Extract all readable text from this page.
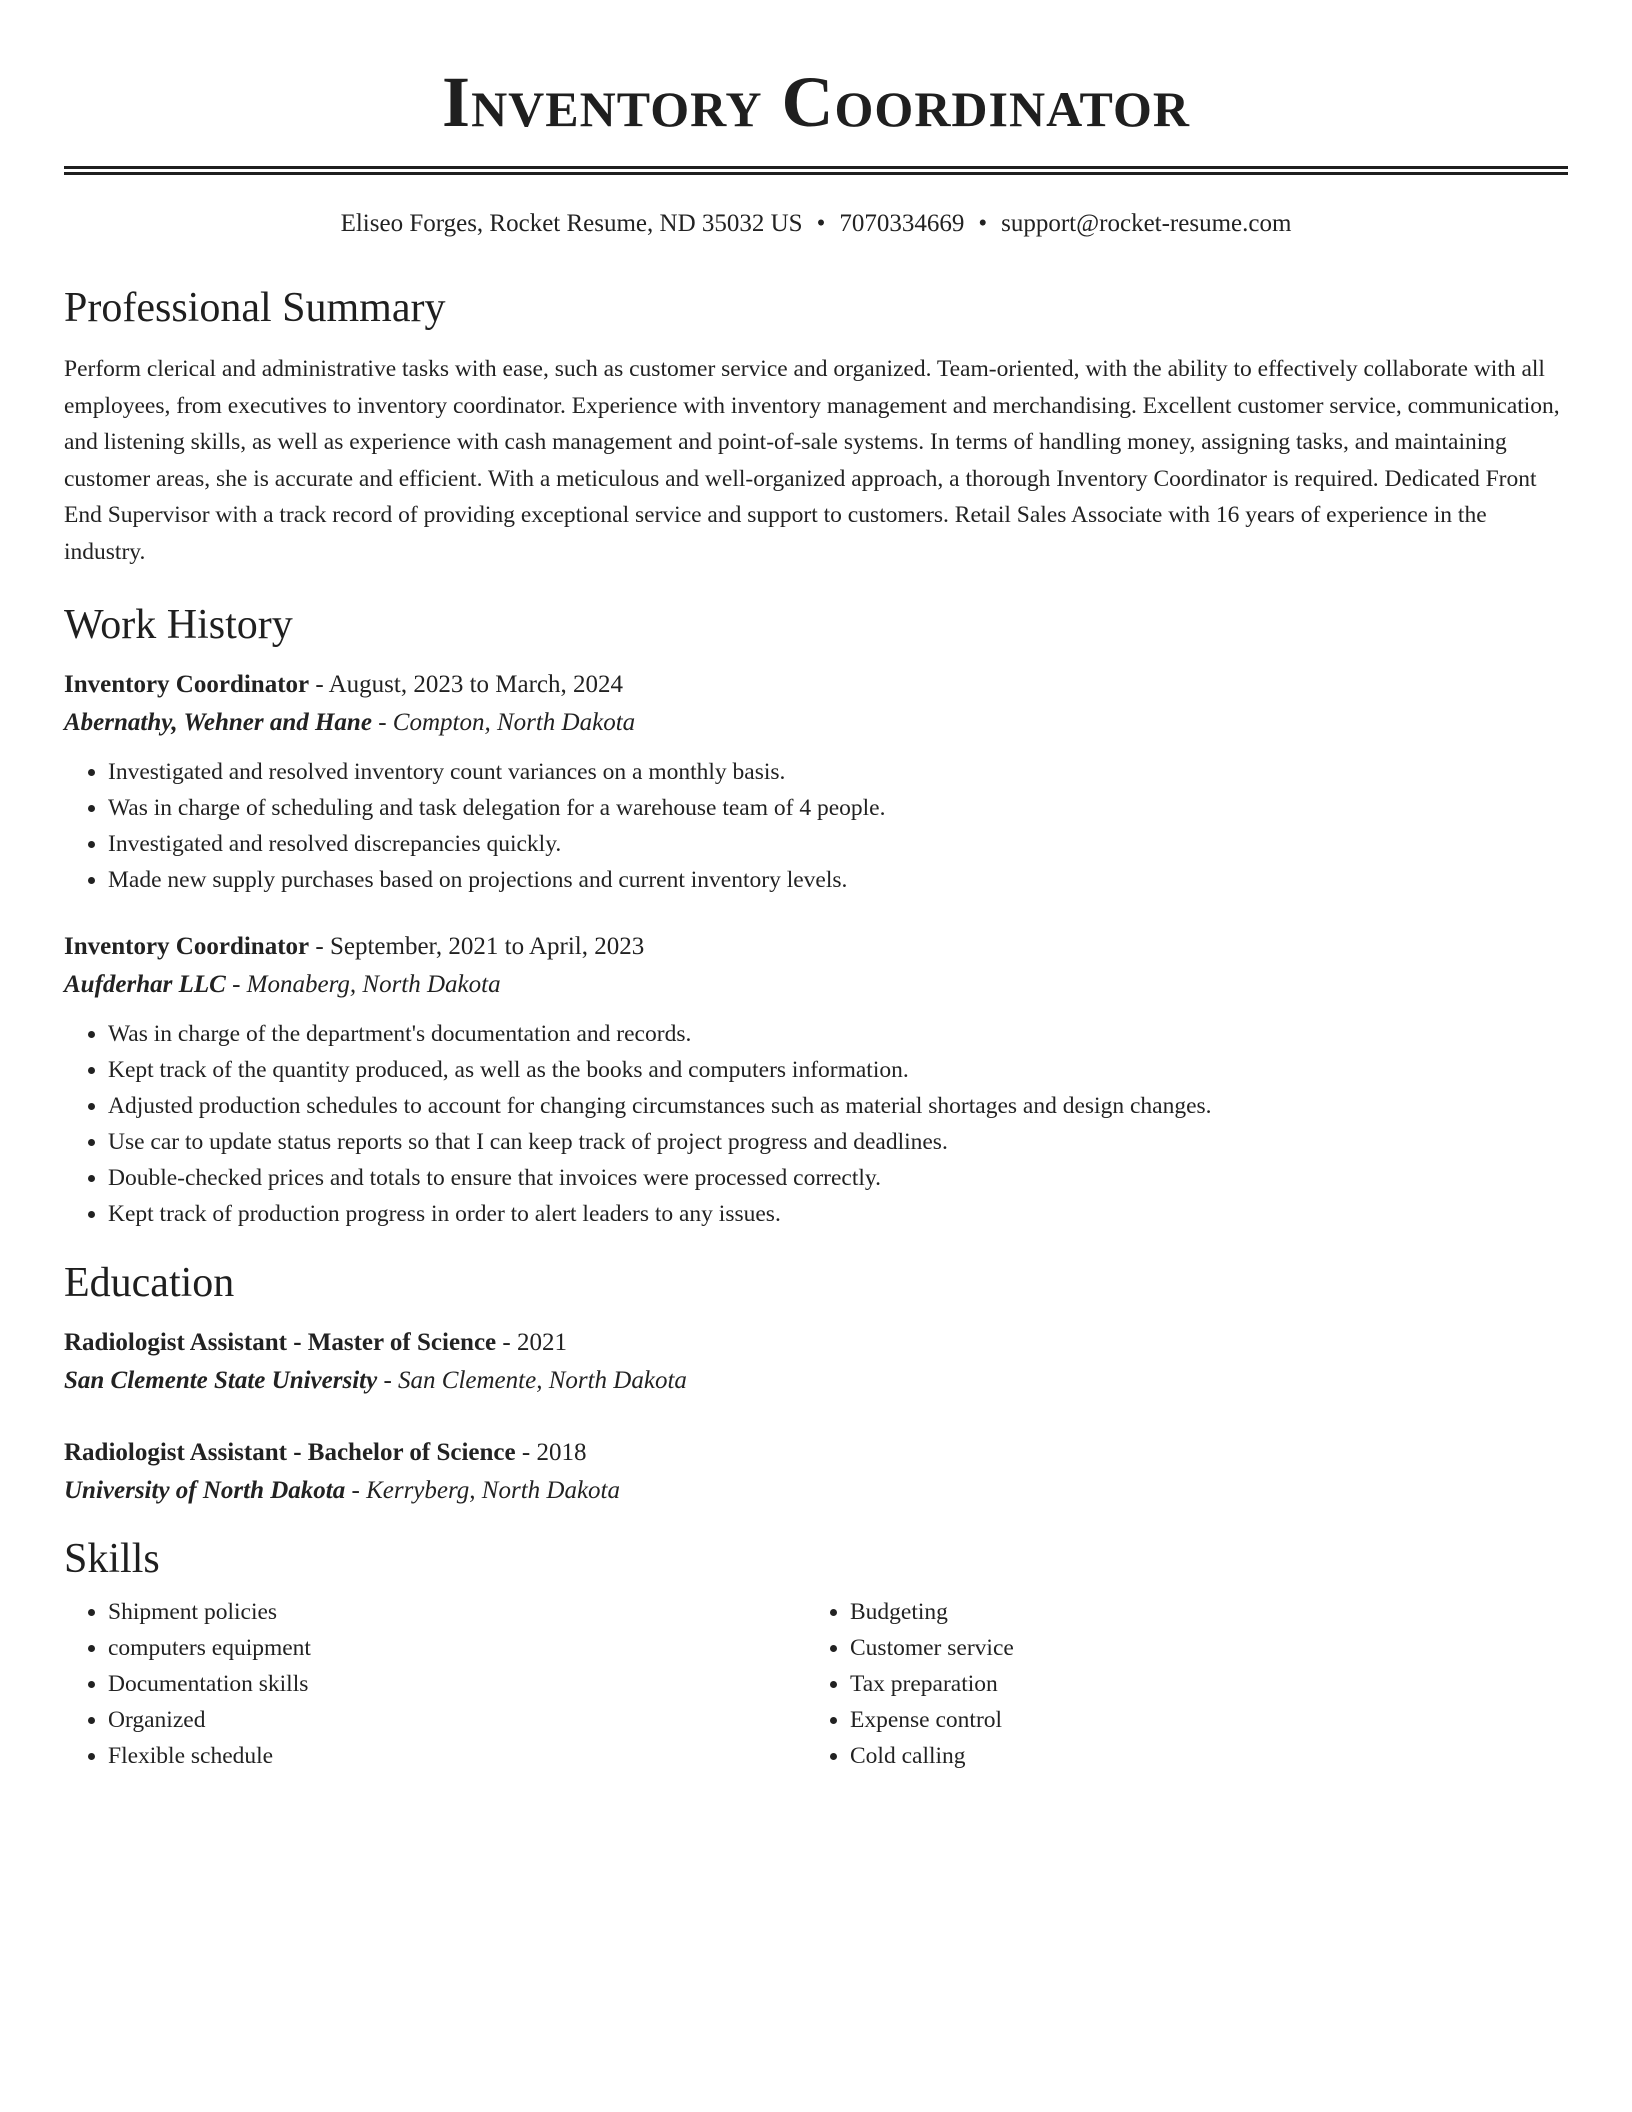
Inventory Coordinator
Eliseo Forges, Rocket Resume, ND 35032 US • 7070334669 • support@rocket-resume.com
Professional Summary

Perform clerical and administrative tasks with ease, such as customer service and organized. Team-oriented, with the ability to effectively collaborate with all employees, from executives to inventory coordinator. Experience with inventory management and merchandising. Excellent customer service, communication, and listening skills, as well as experience with cash management and point-of-sale systems. In terms of handling money, assigning tasks, and maintaining customer areas, she is accurate and efficient. With a meticulous and well-organized approach, a thorough Inventory Coordinator is required. Dedicated Front End Supervisor with a track record of providing exceptional service and support to customers. Retail Sales Associate with 16 years of experience in the industry.

Work History
Inventory Coordinator - August, 2023 to March, 2024
Abernathy, Wehner and Hane - Compton, North Dakota
• Investigated and resolved inventory count variances on a monthly basis.
• Was in charge of scheduling and task delegation for a warehouse team of 4 people.
• Investigated and resolved discrepancies quickly.
• Made new supply purchases based on projections and current inventory levels.
Inventory Coordinator - September, 2021 to April, 2023
Aufderhar LLC - Monaberg, North Dakota
• Was in charge of the department's documentation and records.
• Kept track of the quantity produced, as well as the books and computers information.
• Adjusted production schedules to account for changing circumstances such as material shortages and design changes.
• Use car to update status reports so that I can keep track of project progress and deadlines.
• Double-checked prices and totals to ensure that invoices were processed correctly.
• Kept track of production progress in order to alert leaders to any issues.
Education
Radiologist Assistant - Master of Science - 2021
San Clemente State University - San Clemente, North Dakota
Radiologist Assistant - Bachelor of Science - 2018
University of North Dakota - Kerryberg, North Dakota
Skills
• Shipment policies
• computers equipment
• Documentation skills
• Organized
• Flexible schedule
• Budgeting
• Customer service
• Tax preparation
• Expense control
• Cold calling
